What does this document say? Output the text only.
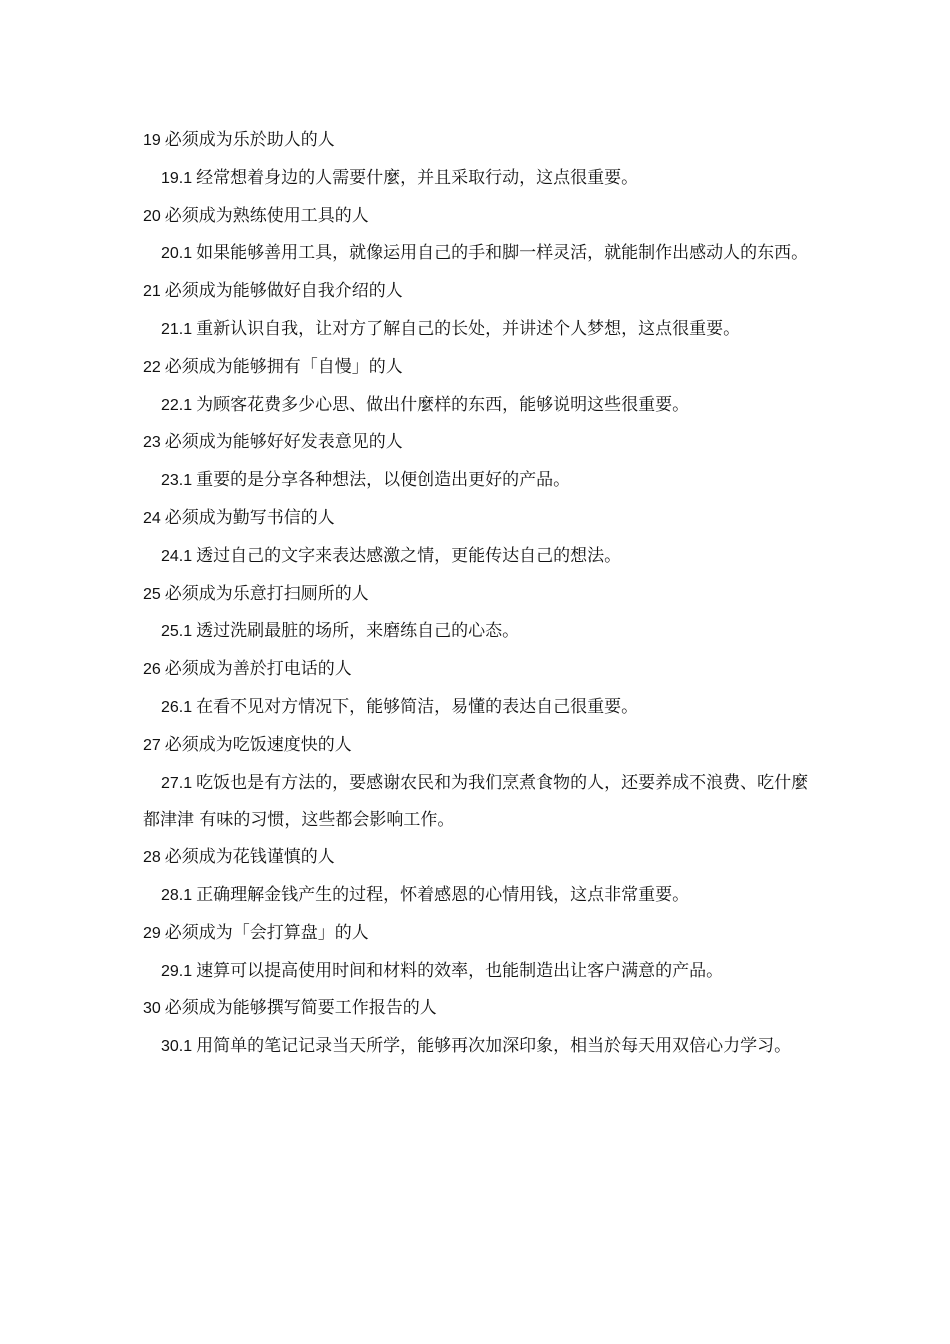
19 必须成为乐於助人的人
19.1 经常想着身边的人需要什麼，并且采取行动，这点很重要。
20 必须成为熟练使用工具的人
20.1 如果能够善用工具，就像运用自己的手和脚一样灵活，就能制作出感动人的东西。
21 必须成为能够做好自我介绍的人
21.1 重新认识自我，让对方了解自己的长处，并讲述个人梦想，这点很重要。
22 必须成为能够拥有「自慢」的人
22.1 为顾客花费多少心思、做出什麼样的东西，能够说明这些很重要。
23 必须成为能够好好发表意见的人
23.1 重要的是分享各种想法，以便创造出更好的产品。
24 必须成为勤写书信的人
24.1 透过自己的文字来表达感激之情，更能传达自己的想法。
25 必须成为乐意打扫厕所的人
25.1 透过洗刷最脏的场所，来磨练自己的心态。
26 必须成为善於打电话的人
26.1 在看不见对方情况下，能够简洁，易懂的表达自己很重要。
27 必须成为吃饭速度快的人
27.1 吃饭也是有方法的，要感谢农民和为我们烹煮食物的人，还要养成不浪费、吃什麼都津津 有味的习惯，这些都会影响工作。
28 必须成为花钱谨慎的人
28.1 正确理解金钱产生的过程，怀着感恩的心情用钱，这点非常重要。
29 必须成为「会打算盘」的人
29.1 速算可以提高使用时间和材料的效率，也能制造出让客户满意的产品。
30 必须成为能够撰写简要工作报告的人
30.1 用简单的笔记记录当天所学，能够再次加深印象，相当於每天用双倍心力学习。
